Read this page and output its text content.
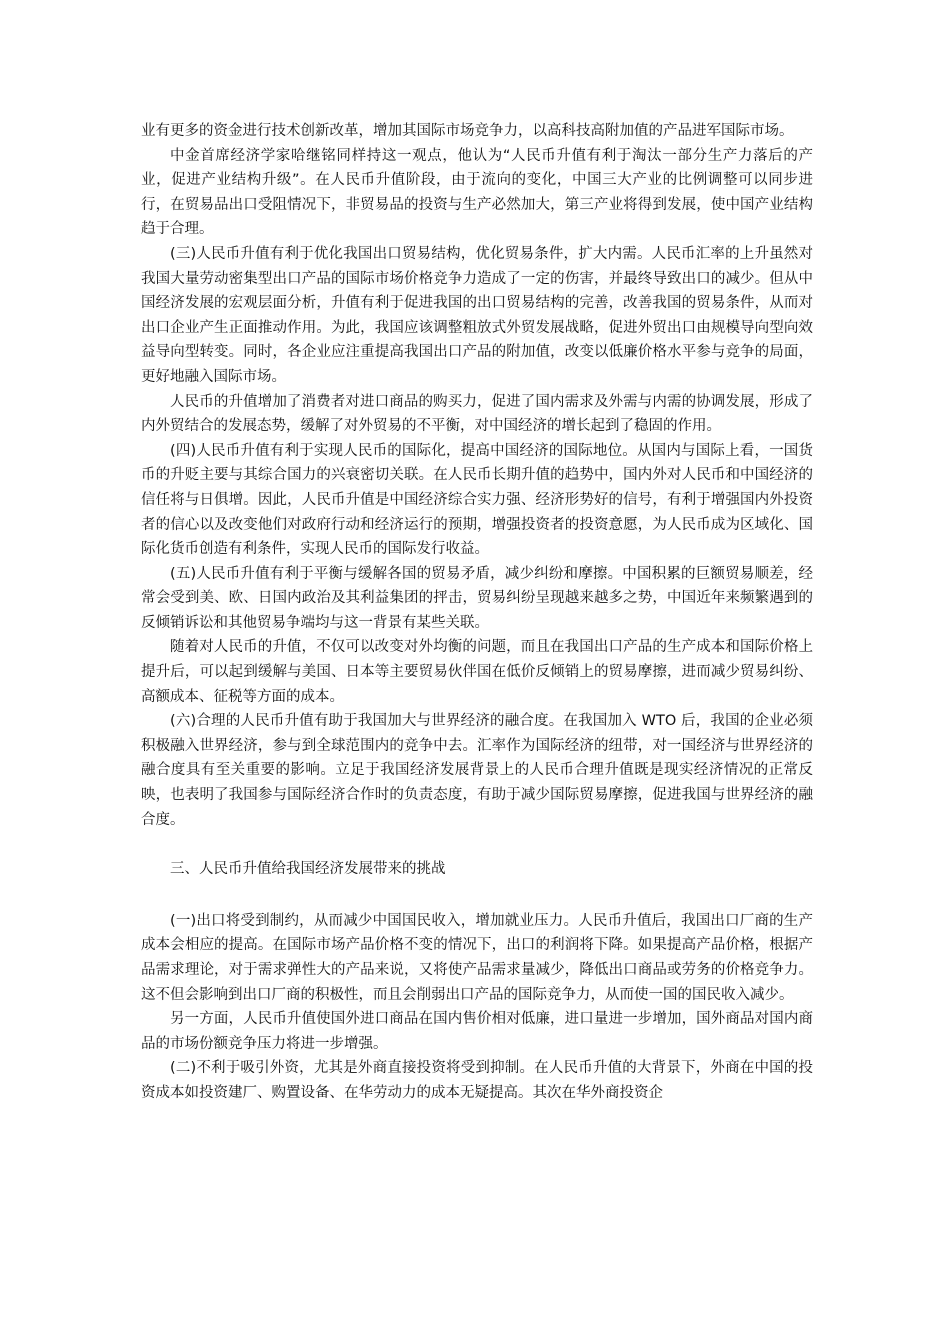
业有更多的资金进行技术创新改革，增加其国际市场竞争力，以高科技高附加值的产品进军国际市场。

中金首席经济学家哈继铭同样持这一观点，他认为“人民币升值有利于淘汰一部分生产力落后的产业，促进产业结构升级”。在人民币升值阶段，由于流向的变化，中国三大产业的比例调整可以同步进行，在贸易品出口受阻情况下，非贸易品的投资与生产必然加大，第三产业将得到发展，使中国产业结构趋于合理。

(三)人民币升值有利于优化我国出口贸易结构，优化贸易条件，扩大内需。人民币汇率的上升虽然对我国大量劳动密集型出口产品的国际市场价格竞争力造成了一定的伤害，并最终导致出口的减少。但从中国经济发展的宏观层面分析，升值有利于促进我国的出口贸易结构的完善，改善我国的贸易条件，从而对出口企业产生正面推动作用。为此，我国应该调整粗放式外贸发展战略，促进外贸出口由规模导向型向效益导向型转变。同时，各企业应注重提高我国出口产品的附加值，改变以低廉价格水平参与竞争的局面，更好地融入国际市场。

人民币的升值增加了消费者对进口商品的购买力，促进了国内需求及外需与内需的协调发展，形成了内外贸结合的发展态势，缓解了对外贸易的不平衡，对中国经济的增长起到了稳固的作用。

(四)人民币升值有利于实现人民币的国际化，提高中国经济的国际地位。从国内与国际上看，一国货币的升贬主要与其综合国力的兴衰密切关联。在人民币长期升值的趋势中，国内外对人民币和中国经济的信任将与日俱增。因此，人民币升值是中国经济综合实力强、经济形势好的信号，有利于增强国内外投资者的信心以及改变他们对政府行动和经济运行的预期，增强投资者的投资意愿，为人民币成为区域化、国际化货币创造有利条件，实现人民币的国际发行收益。

(五)人民币升值有利于平衡与缓解各国的贸易矛盾，减少纠纷和摩擦。中国积累的巨额贸易顺差，经常会受到美、欧、日国内政治及其利益集团的抨击，贸易纠纷呈现越来越多之势，中国近年来频繁遇到的反倾销诉讼和其他贸易争端均与这一背景有某些关联。

随着对人民币的升值，不仅可以改变对外均衡的问题，而且在我国出口产品的生产成本和国际价格上提升后，可以起到缓解与美国、日本等主要贸易伙伴国在低价反倾销上的贸易摩擦，进而减少贸易纠纷、高额成本、征税等方面的成本。

(六)合理的人民币升值有助于我国加大与世界经济的融合度。在我国加入 WTO 后，我国的企业必须积极融入世界经济，参与到全球范围内的竞争中去。汇率作为国际经济的纽带，对一国经济与世界经济的融合度具有至关重要的影响。立足于我国经济发展背景上的人民币合理升值既是现实经济情况的正常反映，也表明了我国参与国际经济合作时的负责态度，有助于减少国际贸易摩擦，促进我国与世界经济的融合度。

三、人民币升值给我国经济发展带来的挑战

(一)出口将受到制约，从而减少中国国民收入，增加就业压力。人民币升值后，我国出口厂商的生产成本会相应的提高。在国际市场产品价格不变的情况下，出口的利润将下降。如果提高产品价格，根据产品需求理论，对于需求弹性大的产品来说，又将使产品需求量减少，降低出口商品或劳务的价格竞争力。这不但会影响到出口厂商的积极性，而且会削弱出口产品的国际竞争力，从而使一国的国民收入减少。

另一方面，人民币升值使国外进口商品在国内售价相对低廉，进口量进一步增加，国外商品对国内商品的市场份额竞争压力将进一步增强。

(二)不利于吸引外资，尤其是外商直接投资将受到抑制。在人民币升值的大背景下，外商在中国的投资成本如投资建厂、购置设备、在华劳动力的成本无疑提高。其次在华外商投资企
